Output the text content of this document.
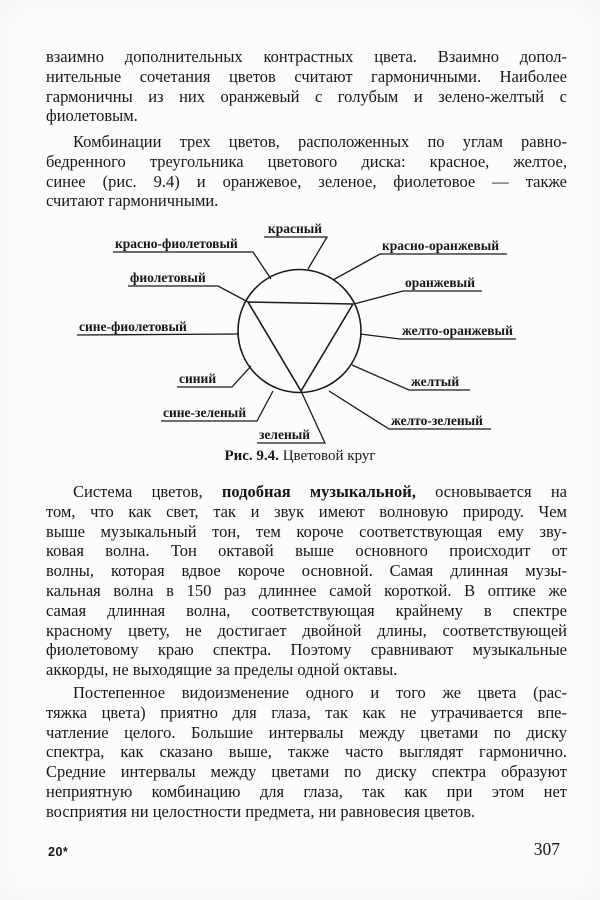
взаимно дополнительных контрастных цвета. Взаимно допол-
нительные сочетания цветов считают гармоничными. Наиболее
гармоничны из них оранжевый с голубым и зелено-желтый с
фиолетовым.
Комбинации трех цветов, расположенных по углам равно-
бедренного треугольника цветового диска: красное, желтое,
синее (рис. 9.4) и оранжевое, зеленое, фиолетовое — также
считают гармоничными.
красный
красно-фиолетовый
фиолетовый
сине-фиолетовый
синий
сине-зеленый
зеленый
красно-оранжевый
оранжевый
желто-оранжевый
желтый
желто-зеленый
Рис. 9.4. Цветовой круг
Система цветов, подобная музыкальной, основывается на
том, что как свет, так и звук имеют волновую природу. Чем
выше музыкальный тон, тем короче соответствующая ему зву-
ковая волна. Тон октавой выше основного происходит от
волны, которая вдвое короче основной. Самая длинная музы-
кальная волна в 150 раз длиннее самой короткой. В оптике же
самая длинная волна, соответствующая крайнему в спектре
красному цвету, не достигает двойной длины, соответствующей
фиолетовому краю спектра. Поэтому сравнивают музыкальные
аккорды, не выходящие за пределы одной октавы.
Постепенное видоизменение одного и того же цвета (рас-
тяжка цвета) приятно для глаза, так как не утрачивается впе-
чатление целого. Большие интервалы между цветами по диску
спектра, как сказано выше, также часто выглядят гармонично.
Средние интервалы между цветами по диску спектра образуют
неприятную комбинацию для глаза, так как при этом нет
восприятия ни целостности предмета, ни равновесия цветов.
20*	307
